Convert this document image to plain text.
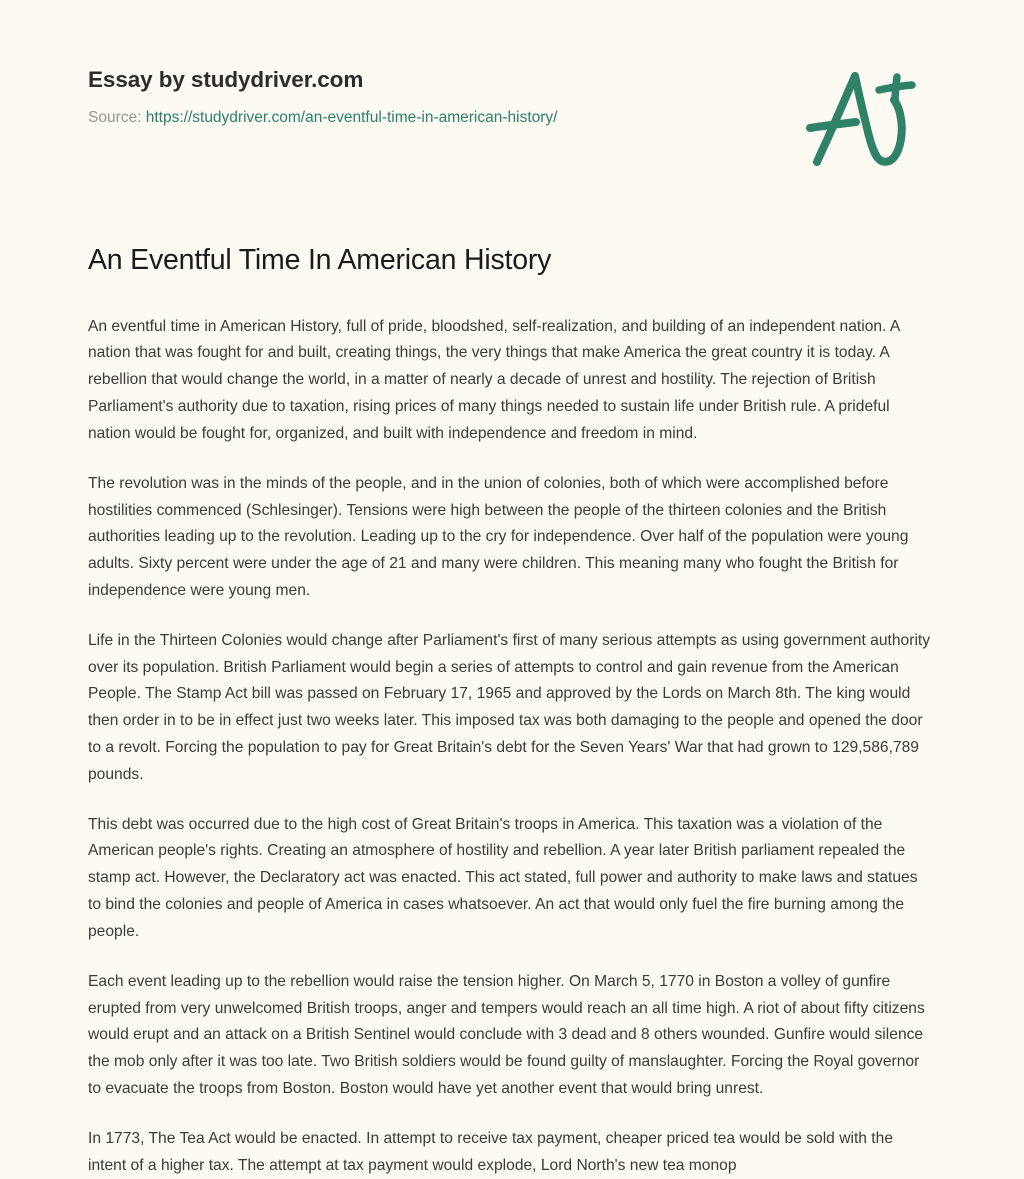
Essay by studydriver.com
Source: https://studydriver.com/an-eventful-time-in-american-history/
An Eventful Time In American History

An eventful time in American History, full of pride, bloodshed, self-realization, and building of an independent nation. A nation that was fought for and built, creating things, the very things that make America the great country it is today. A rebellion that would change the world, in a matter of nearly a decade of unrest and hostility. The rejection of British Parliament's authority due to taxation, rising prices of many things needed to sustain life under British rule. A prideful nation would be fought for, organized, and built with independence and freedom in mind.

The revolution was in the minds of the people, and in the union of colonies, both of which were accomplished before hostilities commenced (Schlesinger). Tensions were high between the people of the thirteen colonies and the British authorities leading up to the revolution. Leading up to the cry for independence. Over half of the population were young adults. Sixty percent were under the age of 21 and many were children. This meaning many who fought the British for independence were young men.

Life in the Thirteen Colonies would change after Parliament's first of many serious attempts as using government authority over its population. British Parliament would begin a series of attempts to control and gain revenue from the American People. The Stamp Act bill was passed on February 17, 1965 and approved by the Lords on March 8th. The king would then order in to be in effect just two weeks later. This imposed tax was both damaging to the people and opened the door to a revolt. Forcing the population to pay for Great Britain's debt for the Seven Years' War that had grown to 129,586,789 pounds.

This debt was occurred due to the high cost of Great Britain's troops in America. This taxation was a violation of the American people's rights. Creating an atmosphere of hostility and rebellion. A year later British parliament repealed the stamp act. However, the Declaratory act was enacted. This act stated, full power and authority to make laws and statues to bind the colonies and people of America in cases whatsoever. An act that would only fuel the fire burning among the people.

Each event leading up to the rebellion would raise the tension higher. On March 5, 1770 in Boston a volley of gunfire erupted from very unwelcomed British troops, anger and tempers would reach an all time high. A riot of about fifty citizens would erupt and an attack on a British Sentinel would conclude with 3 dead and 8 others wounded. Gunfire would silence the mob only after it was too late. Two British soldiers would be found guilty of manslaughter. Forcing the Royal governor to evacuate the troops from Boston. Boston would have yet another event that would bring unrest.

In 1773, The Tea Act would be enacted. In attempt to receive tax payment, cheaper priced tea would be sold with the intent of a higher tax. The attempt at tax payment would explode, Lord North's new tea monop
